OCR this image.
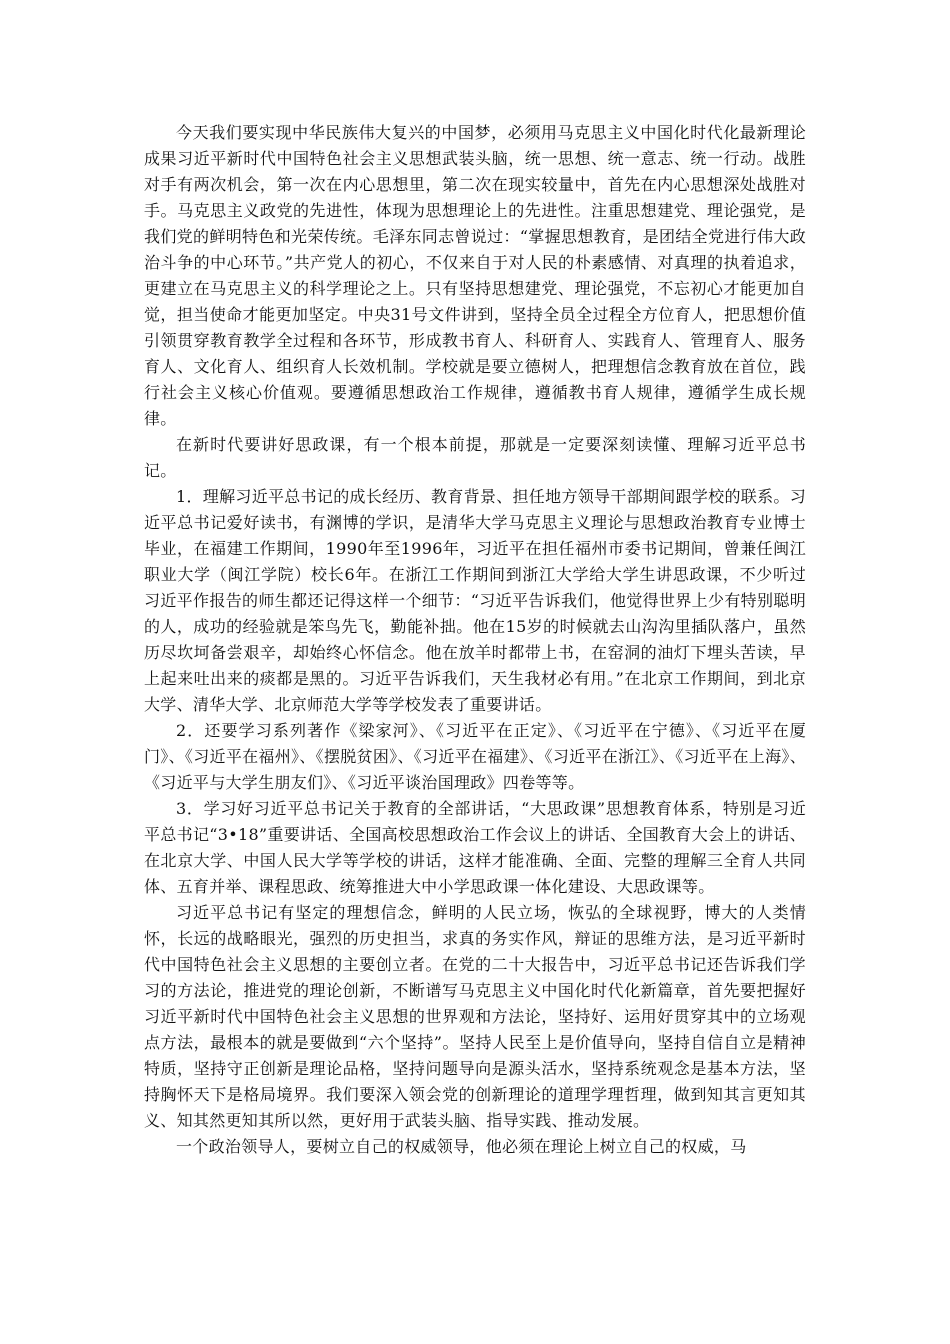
今天我们要实现中华民族伟大复兴的中国梦，必须用马克思主义中国化时代化最新理论成果习近平新时代中国特色社会主义思想武装头脑，统一思想、统一意志、统一行动。战胜对手有两次机会，第一次在内心思想里，第二次在现实较量中，首先在内心思想深处战胜对手。马克思主义政党的先进性，体现为思想理论上的先进性。注重思想建党、理论强党，是我们党的鲜明特色和光荣传统。毛泽东同志曾说过：“掌握思想教育，是团结全党进行伟大政治斗争的中心环节。”共产党人的初心，不仅来自于对人民的朴素感情、对真理的执着追求，更建立在马克思主义的科学理论之上。只有坚持思想建党、理论强党，不忘初心才能更加自觉，担当使命才能更加坚定。中央31号文件讲到，坚持全员全过程全方位育人，把思想价值引领贯穿教育教学全过程和各环节，形成教书育人、科研育人、实践育人、管理育人、服务育人、文化育人、组织育人长效机制。学校就是要立德树人，把理想信念教育放在首位，践行社会主义核心价值观。要遵循思想政治工作规律，遵循教书育人规律，遵循学生成长规律。

在新时代要讲好思政课，有一个根本前提，那就是一定要深刻读懂、理解习近平总书记。

1．理解习近平总书记的成长经历、教育背景、担任地方领导干部期间跟学校的联系。习近平总书记爱好读书，有渊博的学识，是清华大学马克思主义理论与思想政治教育专业博士毕业，在福建工作期间，1990年至1996年，习近平在担任福州市委书记期间，曾兼任闽江职业大学（闽江学院）校长6年。在浙江工作期间到浙江大学给大学生讲思政课，不少听过习近平作报告的师生都还记得这样一个细节：“习近平告诉我们，他觉得世界上少有特别聪明的人，成功的经验就是笨鸟先飞，勤能补拙。他在15岁的时候就去山沟沟里插队落户，虽然历尽坎坷备尝艰辛，却始终心怀信念。他在放羊时都带上书，在窑洞的油灯下埋头苦读，早上起来吐出来的痰都是黑的。习近平告诉我们，天生我材必有用。”在北京工作期间，到北京大学、清华大学、北京师范大学等学校发表了重要讲话。

2．还要学习系列著作《梁家河》、《习近平在正定》、《习近平在宁德》、《习近平在厦门》、《习近平在福州》、《摆脱贫困》、《习近平在福建》、《习近平在浙江》、《习近平在上海》、《习近平与大学生朋友们》、《习近平谈治国理政》四卷等等。

3．学习好习近平总书记关于教育的全部讲话，“大思政课”思想教育体系，特别是习近平总书记“3•18”重要讲话、全国高校思想政治工作会议上的讲话、全国教育大会上的讲话、在北京大学、中国人民大学等学校的讲话，这样才能准确、全面、完整的理解三全育人共同体、五育并举、课程思政、统筹推进大中小学思政课一体化建设、大思政课等。

习近平总书记有坚定的理想信念，鲜明的人民立场，恢弘的全球视野，博大的人类情怀，长远的战略眼光，强烈的历史担当，求真的务实作风，辩证的思维方法，是习近平新时代中国特色社会主义思想的主要创立者。在党的二十大报告中，习近平总书记还告诉我们学习的方法论，推进党的理论创新，不断谱写马克思主义中国化时代化新篇章，首先要把握好习近平新时代中国特色社会主义思想的世界观和方法论，坚持好、运用好贯穿其中的立场观点方法，最根本的就是要做到“六个坚持”。坚持人民至上是价值导向，坚持自信自立是精神特质，坚持守正创新是理论品格，坚持问题导向是源头活水，坚持系统观念是基本方法，坚持胸怀天下是格局境界。我们要深入领会党的创新理论的道理学理哲理，做到知其言更知其义、知其然更知其所以然，更好用于武装头脑、指导实践、推动发展。

一个政治领导人，要树立自己的权威领导，他必须在理论上树立自己的权威，马
